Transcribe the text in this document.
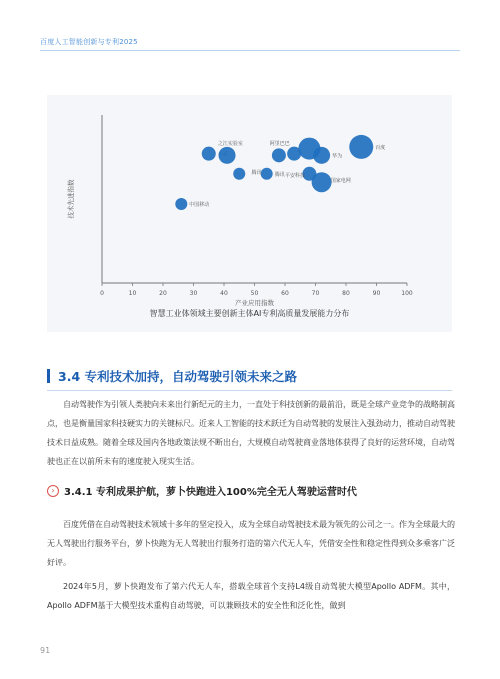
百度人工智能创新与专利2025
0	10	20	30	40	50	60	70	80	90	100
产业应用指数
技术先进指数	中国移动
腾讯
华为
百度
之江实验室	阿里巴巴
腾讯
平安科技
国家电网
智慧工业体领域主要创新主体AI专利高质量发展能力分布
3.4 专利技术加持，自动驾驶引领未来之路
自动驾驶作为引领人类驶向未来出行新纪元的主力，一直处于科技创新的最前沿，既是全球产业竞争的战略制高点，也是衡量国家科技硬实力的关键标尺。近来人工智能的技术跃迁为自动驾驶的发展注入强劲动力，推动自动驾驶技术日益成熟。随着全球及国内各地政策法规不断出台，大规模自动驾驶商业落地体获得了良好的运营环境，自动驾驶也正在以前所未有的速度驶入现实生活。
› 3.4.1 专利成果护航，萝卜快跑进入100%完全无人驾驶运营时代
百度凭借在自动驾驶技术领域十多年的坚定投入，成为全球自动驾驶技术最为领先的公司之一。作为全球最大的无人驾驶出行服务平台，萝卜快跑为无人驾驶出行服务打造的第六代无人车，凭借安全性和稳定性得到众多乘客广泛好评。
2024年5月，萝卜快跑发布了第六代无人车，搭载全球首个支持L4级自动驾驶大模型Apollo ADFM。其中，Apollo ADFM基于大模型技术重构自动驾驶，可以兼顾技术的安全性和泛化性，做到
91
